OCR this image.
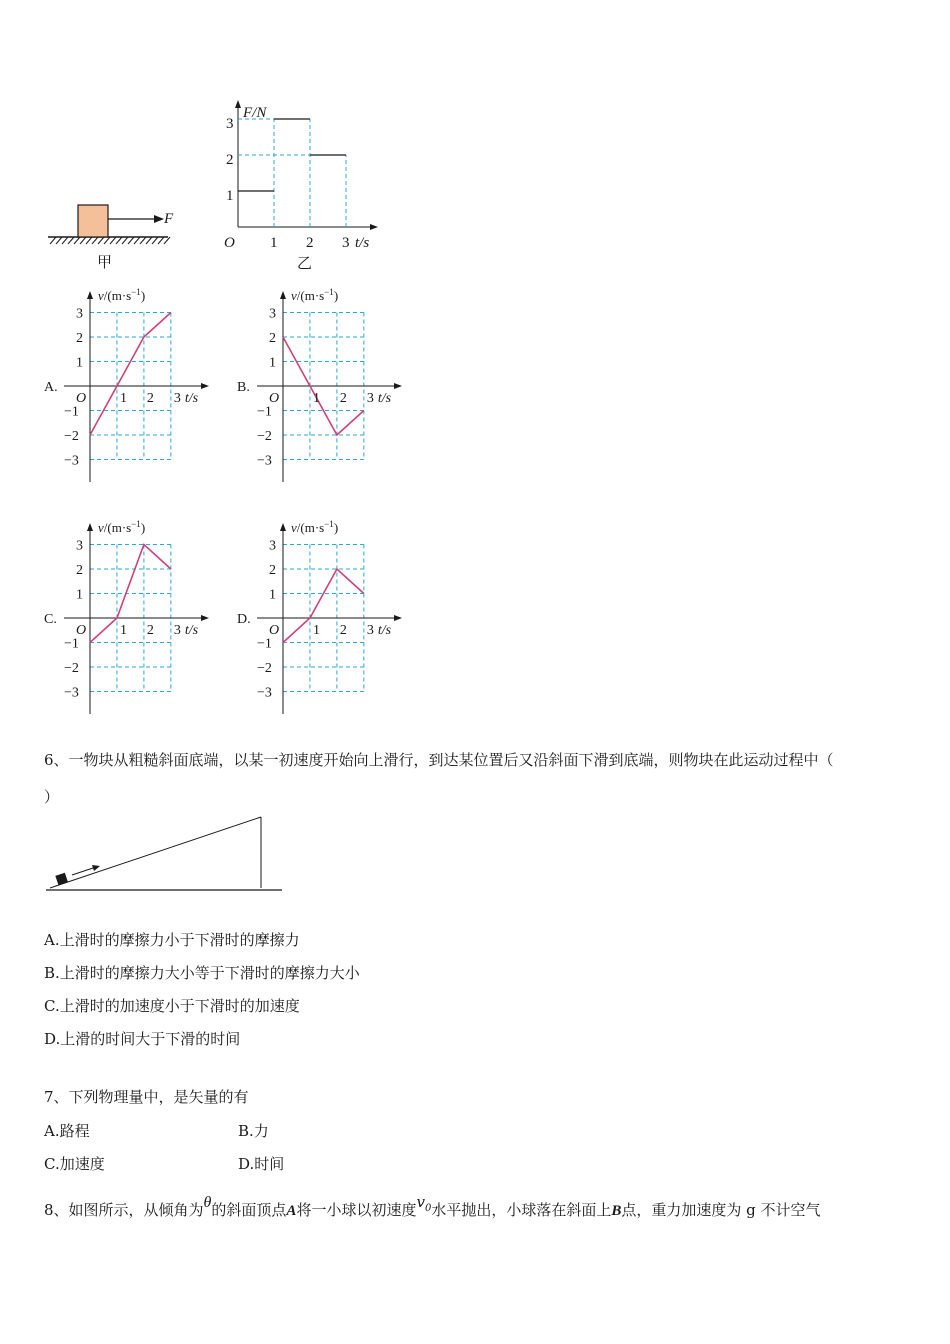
F
甲
F/N
O 1 2 3 t/s
1
2
3
乙
$v/(m\cdot s^{-1})$
A.
O 1 2 3 t/s
3
2
1
−1
−2
−3
$v/(m\cdot s^{-1})$
B.
O 1 2 3 t/s
3
2
1
−1
−2
−3
$v/(m\cdot s^{-1})$
C.
O 1 2 3 t/s
3
2
1
−1
−2
−3
$v/(m\cdot s^{-1})$
D.
O 1 2 3 t/s
3
2
1
−1
−2
−3
6、一物块从粗糙斜面底端，以某一初速度开始向上滑行，到达某位置后又沿斜面下滑到底端，则物块在此运动过程中（
）
A.上滑时的摩擦力小于下滑时的摩擦力
B.上滑时的摩擦力大小等于下滑时的摩擦力大小
C.上滑时的加速度小于下滑时的加速度
D.上滑的时间大于下滑的时间
7、下列物理量中，是矢量的有
A.路程	B.力
C.加速度	D.时间
8、如图所示，从倾角为θ的斜面顶点A将一小球以初速度$v_0$水平抛出，小球落在斜面上B点，重力加速度为 g 不计空气
